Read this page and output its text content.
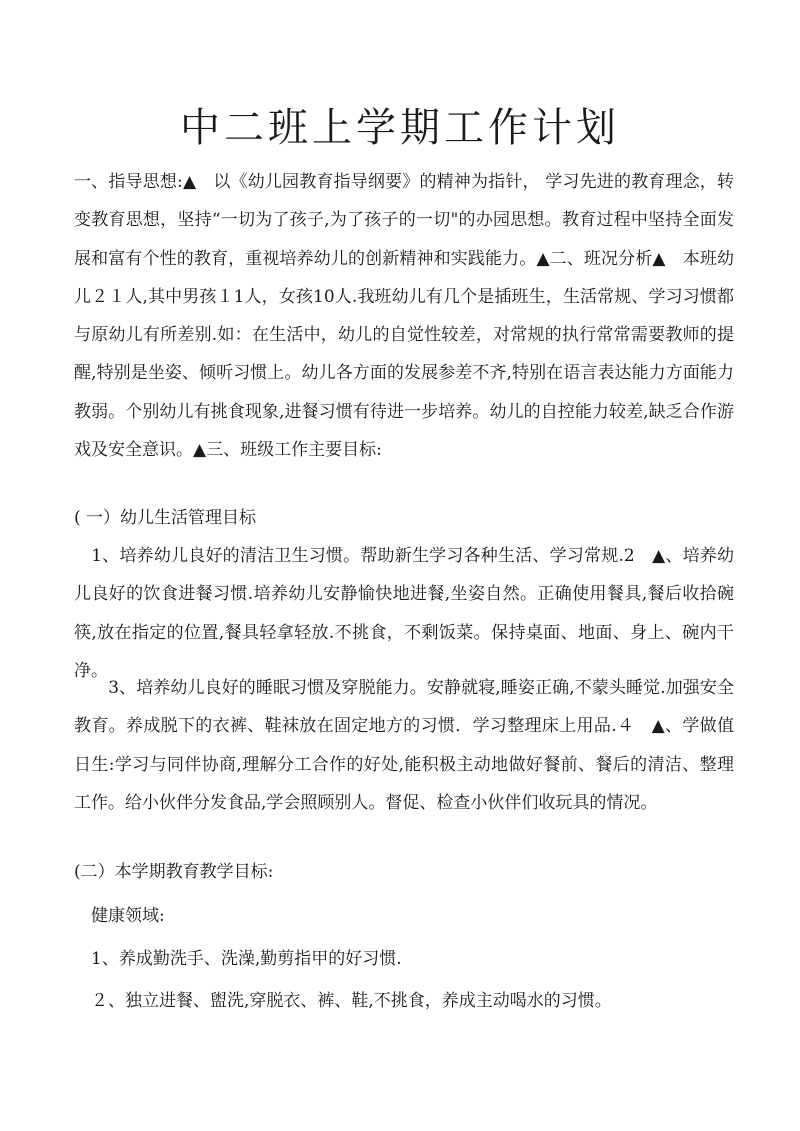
中二班上学期工作计划

一、指导思想:▲　以《幼儿园教育指导纲要》的精神为指针， 学习先进的教育理念，转变教育思想，坚持“一切为了孩子,为了孩子的一切"的办园思想。教育过程中坚持全面发展和富有个性的教育，重视培养幼儿的创新精神和实践能力。▲二、班况分析▲　本班幼儿２１人,其中男孩１1人，女孩10人.我班幼儿有几个是插班生，生活常规、学习习惯都与原幼儿有所差别.如：在生活中，幼儿的自觉性较差，对常规的执行常常需要教师的提醒,特别是坐姿、倾听习惯上。幼儿各方面的发展参差不齐,特别在语言表达能力方面能力教弱。个别幼儿有挑食现象,进餐习惯有待进一步培养。幼儿的自控能力较差,缺乏合作游戏及安全意识。▲三、班级工作主要目标:

( 一）幼儿生活管理目标

　1、培养幼儿良好的清洁卫生习惯。帮助新生学习各种生活、学习常规.2　▲、培养幼儿良好的饮食进餐习惯.培养幼儿安静愉快地进餐,坐姿自然。正确使用餐具,餐后收拾碗筷,放在指定的位置,餐具轻拿轻放.不挑食，不剩饭菜。保持桌面、地面、身上、碗内干净。

　　3、培养幼儿良好的睡眠习惯及穿脱能力。安静就寝,睡姿正确,不蒙头睡觉.加强安全教育。养成脱下的衣裤、鞋袜放在固定地方的习惯．学习整理床上用品.４　▲、学做值日生:学习与同伴协商,理解分工合作的好处,能积极主动地做好餐前、餐后的清洁、整理工作。给小伙伴分发食品,学会照顾别人。督促、检查小伙伴们收玩具的情况。

(二）本学期教育教学目标:

　健康领域:

　1、养成勤洗手、洗澡,勤剪指甲的好习惯.

　２、独立进餐、盥洗,穿脱衣、裤、鞋,不挑食，养成主动喝水的习惯。
